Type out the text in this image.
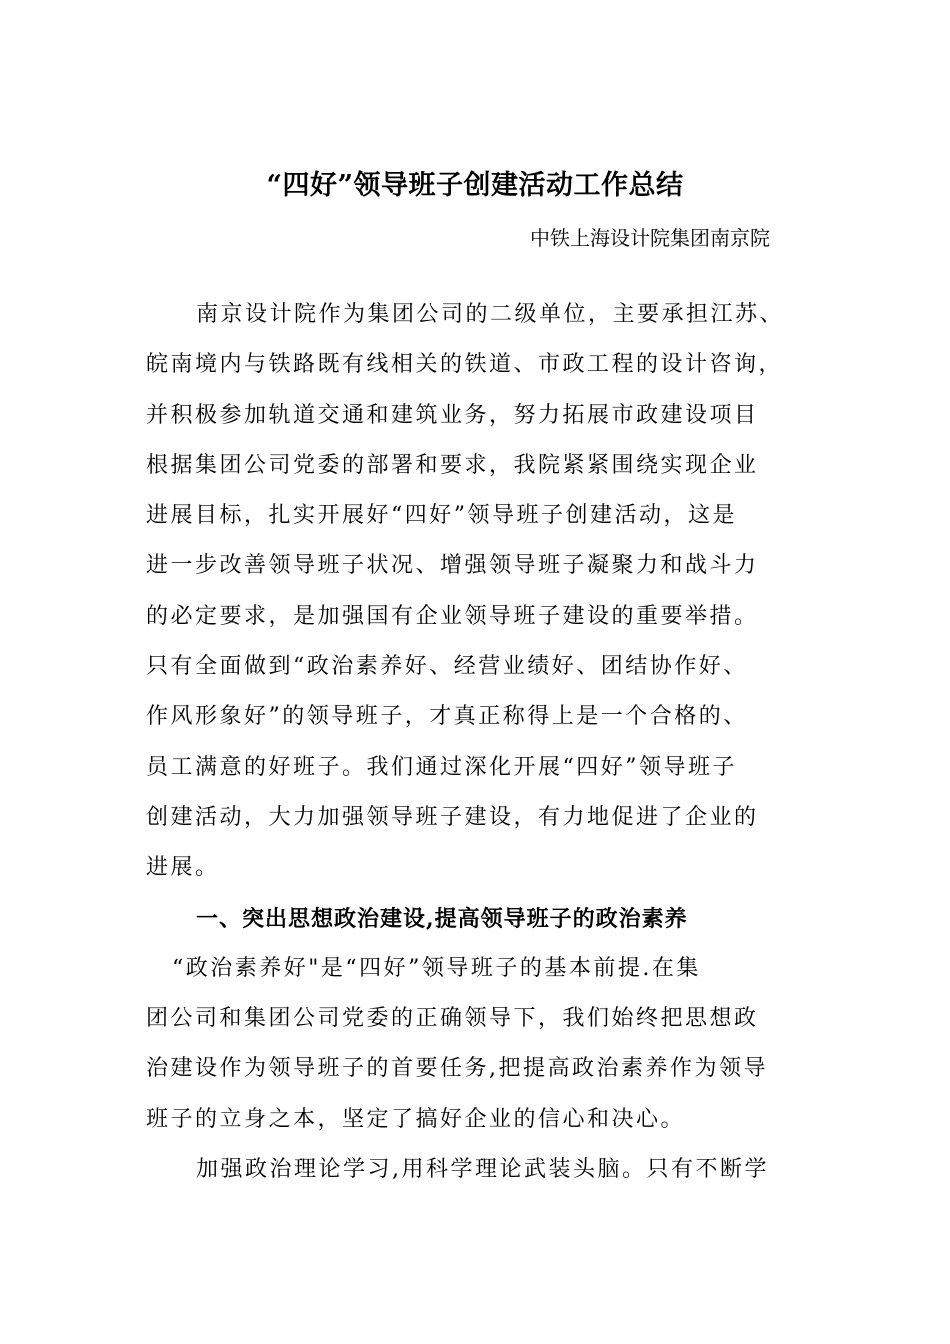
“四好”领导班子创建活动工作总结
中铁上海设计院集团南京院
南京设计院作为集团公司的二级单位，主要承担江苏、
皖南境内与铁路既有线相关的铁道、市政工程的设计咨询，
并积极参加轨道交通和建筑业务，努力拓展市政建设项目
根据集团公司党委的部署和要求，我院紧紧围绕实现企业
进展目标，扎实开展好“四好”领导班子创建活动，这是
进一步改善领导班子状况、增强领导班子凝聚力和战斗力
的必定要求，是加强国有企业领导班子建设的重要举措。
只有全面做到“政治素养好、经营业绩好、团结协作好、
作风形象好”的领导班子，才真正称得上是一个合格的、
员工满意的好班子。我们通过深化开展“四好”领导班子
创建活动，大力加强领导班子建设，有力地促进了企业的
进展。
一、突出思想政治建设,提高领导班子的政治素养
“政治素养好"是“四好”领导班子的基本前提.在集
团公司和集团公司党委的正确领导下，我们始终把思想政
治建设作为领导班子的首要任务,把提高政治素养作为领导
班子的立身之本，坚定了搞好企业的信心和决心。
加强政治理论学习,用科学理论武装头脑。只有不断学
